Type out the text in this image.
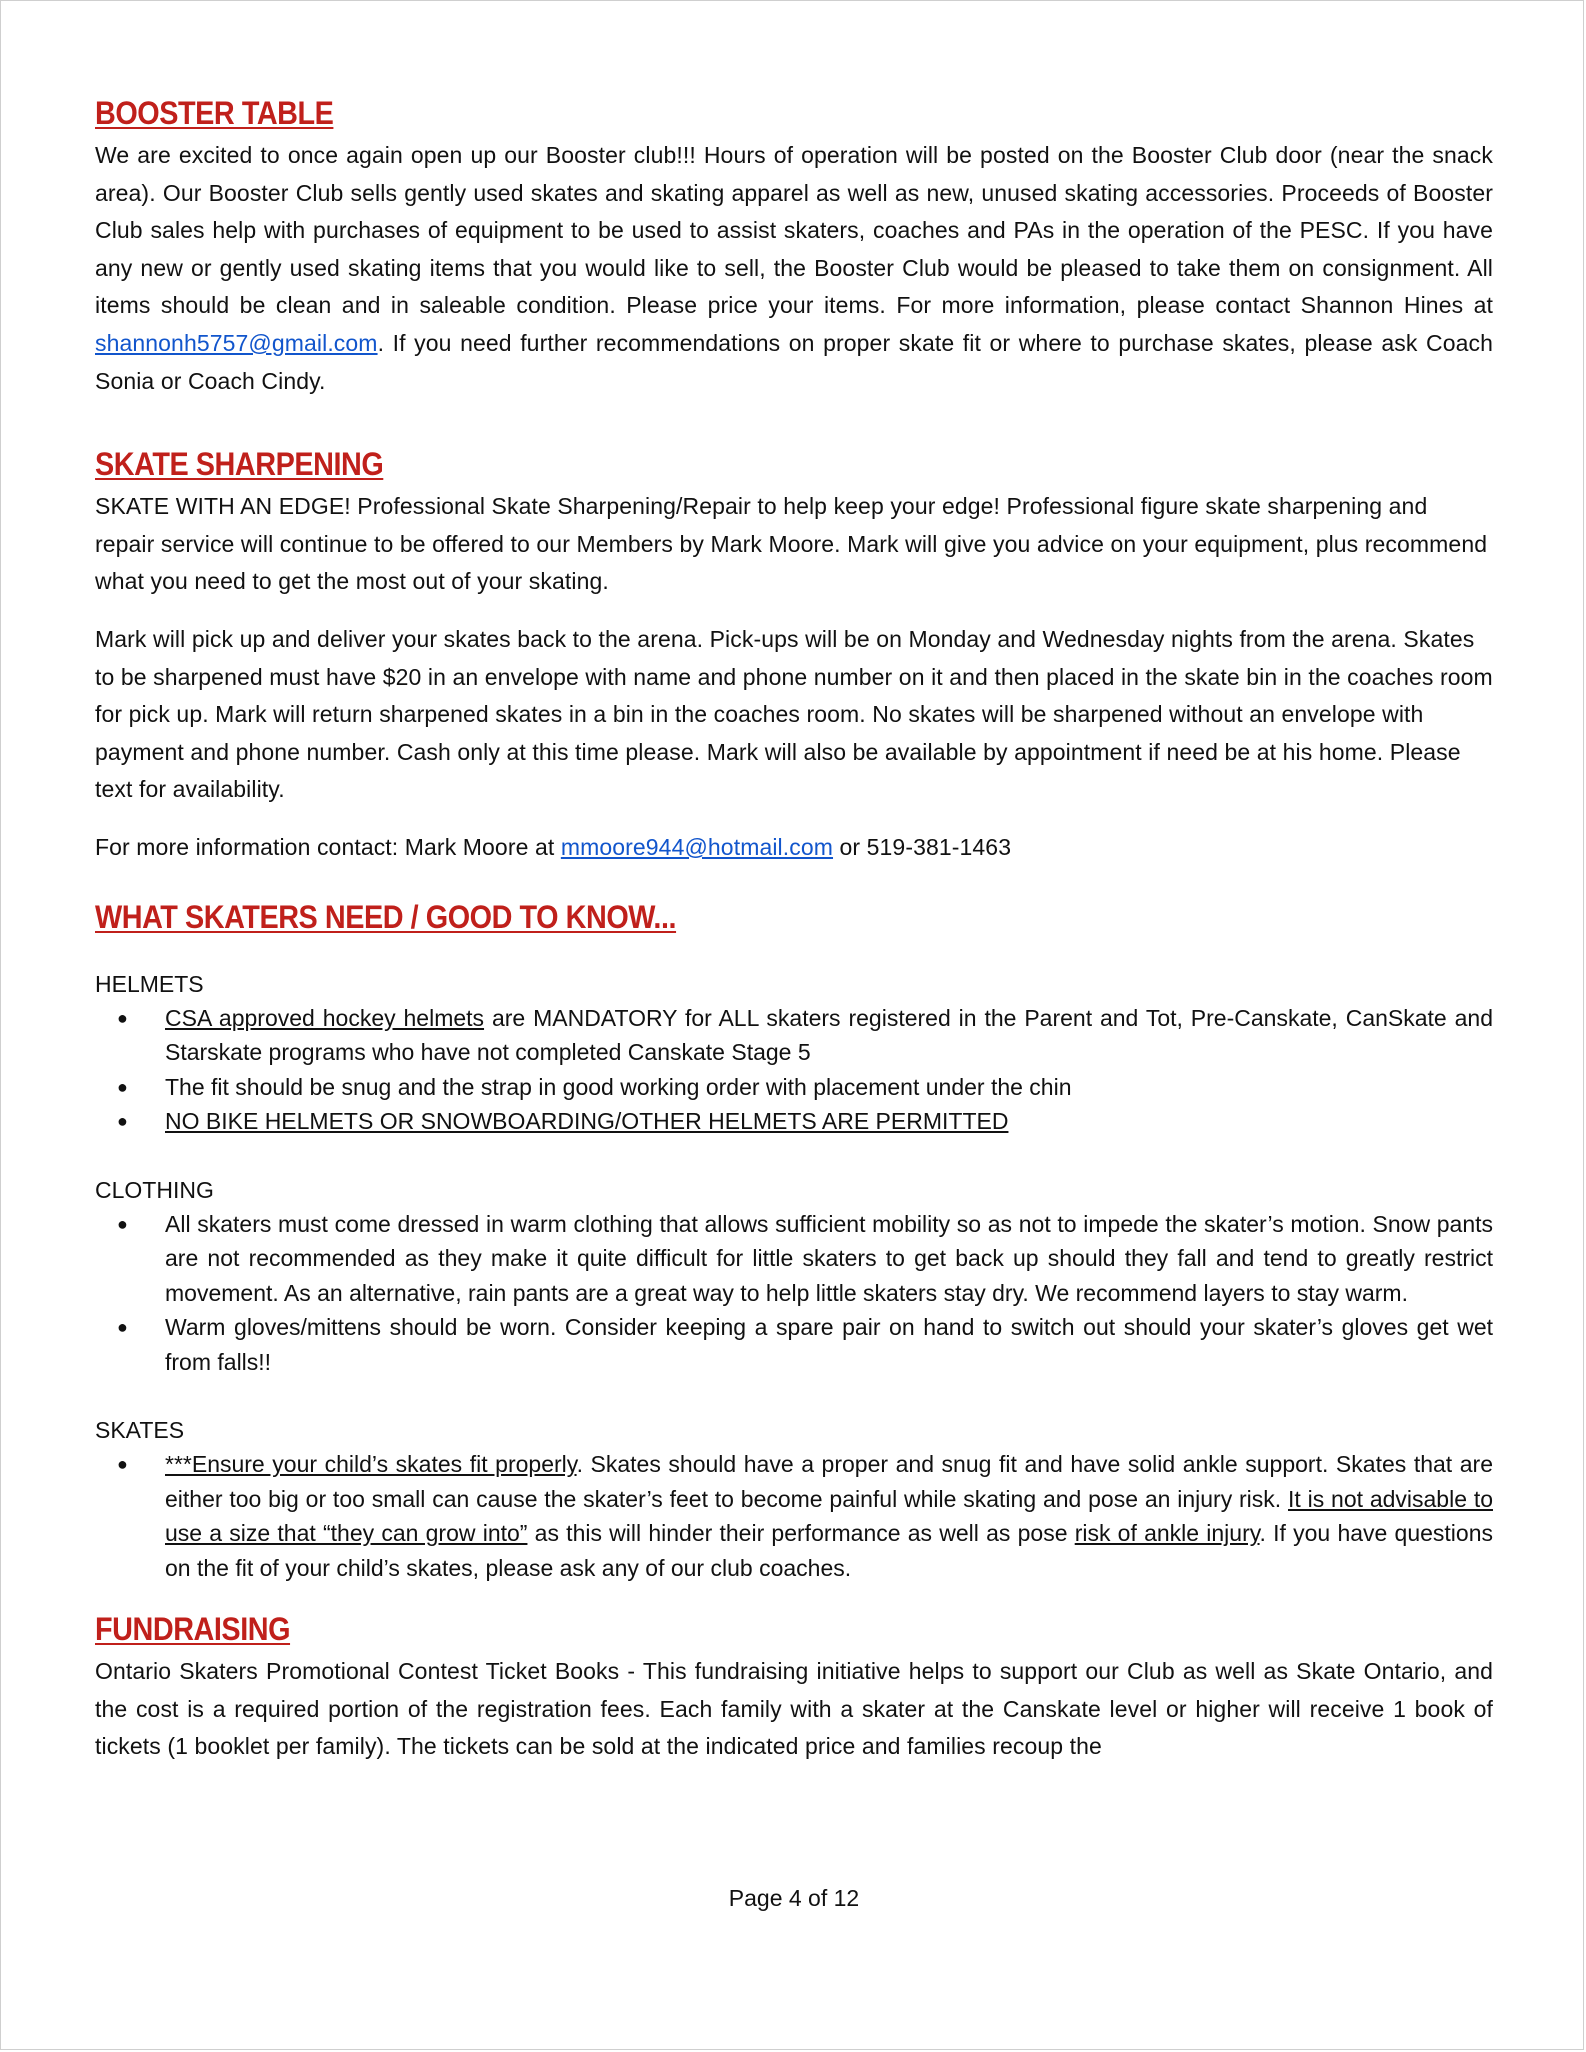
BOOSTER TABLE

We are excited to once again open up our Booster club!!! Hours of operation will be posted on the Booster Club door (near the snack area). Our Booster Club sells gently used skates and skating apparel as well as new, unused skating accessories. Proceeds of Booster Club sales help with purchases of equipment to be used to assist skaters, coaches and PAs in the operation of the PESC. If you have any new or gently used skating items that you would like to sell, the Booster Club would be pleased to take them on consignment. All items should be clean and in saleable condition. Please price your items. For more information, please contact Shannon Hines at shannonh5757@gmail.com. If you need further recommendations on proper skate fit or where to purchase skates, please ask Coach Sonia or Coach Cindy.

SKATE SHARPENING

SKATE WITH AN EDGE! Professional Skate Sharpening/Repair to help keep your edge! Professional figure skate sharpening and repair service will continue to be offered to our Members by Mark Moore. Mark will give you advice on your equipment, plus recommend what you need to get the most out of your skating.

Mark will pick up and deliver your skates back to the arena. Pick-ups will be on Monday and Wednesday nights from the arena. Skates to be sharpened must have $20 in an envelope with name and phone number on it and then placed in the skate bin in the coaches room for pick up. Mark will return sharpened skates in a bin in the coaches room. No skates will be sharpened without an envelope with payment and phone number. Cash only at this time please. Mark will also be available by appointment if need be at his home. Please text for availability.

For more information contact: Mark Moore at mmoore944@hotmail.com or 519-381-1463

WHAT SKATERS NEED / GOOD TO KNOW...
HELMETS
● CSA approved hockey helmets are MANDATORY for ALL skaters registered in the Parent and Tot, Pre-Canskate, CanSkate and Starskate programs who have not completed Canskate Stage 5
● The fit should be snug and the strap in good working order with placement under the chin
● NO BIKE HELMETS OR SNOWBOARDING/OTHER HELMETS ARE PERMITTED
CLOTHING
● All skaters must come dressed in warm clothing that allows sufficient mobility so as not to impede the skater’s motion. Snow pants are not recommended as they make it quite difficult for little skaters to get back up should they fall and tend to greatly restrict movement. As an alternative, rain pants are a great way to help little skaters stay dry. We recommend layers to stay warm.
● Warm gloves/mittens should be worn. Consider keeping a spare pair on hand to switch out should your skater’s gloves get wet from falls!!
SKATES
● ***Ensure your child’s skates fit properly. Skates should have a proper and snug fit and have solid ankle support. Skates that are either too big or too small can cause the skater’s feet to become painful while skating and pose an injury risk. It is not advisable to use a size that “they can grow into” as this will hinder their performance as well as pose risk of ankle injury. If you have questions on the fit of your child’s skates, please ask any of our club coaches.
FUNDRAISING

Ontario Skaters Promotional Contest Ticket Books - This fundraising initiative helps to support our Club as well as Skate Ontario, and the cost is a required portion of the registration fees. Each family with a skater at the Canskate level or higher will receive 1 book of tickets (1 booklet per family). The tickets can be sold at the indicated price and families recoup the

Page 4 of 12
